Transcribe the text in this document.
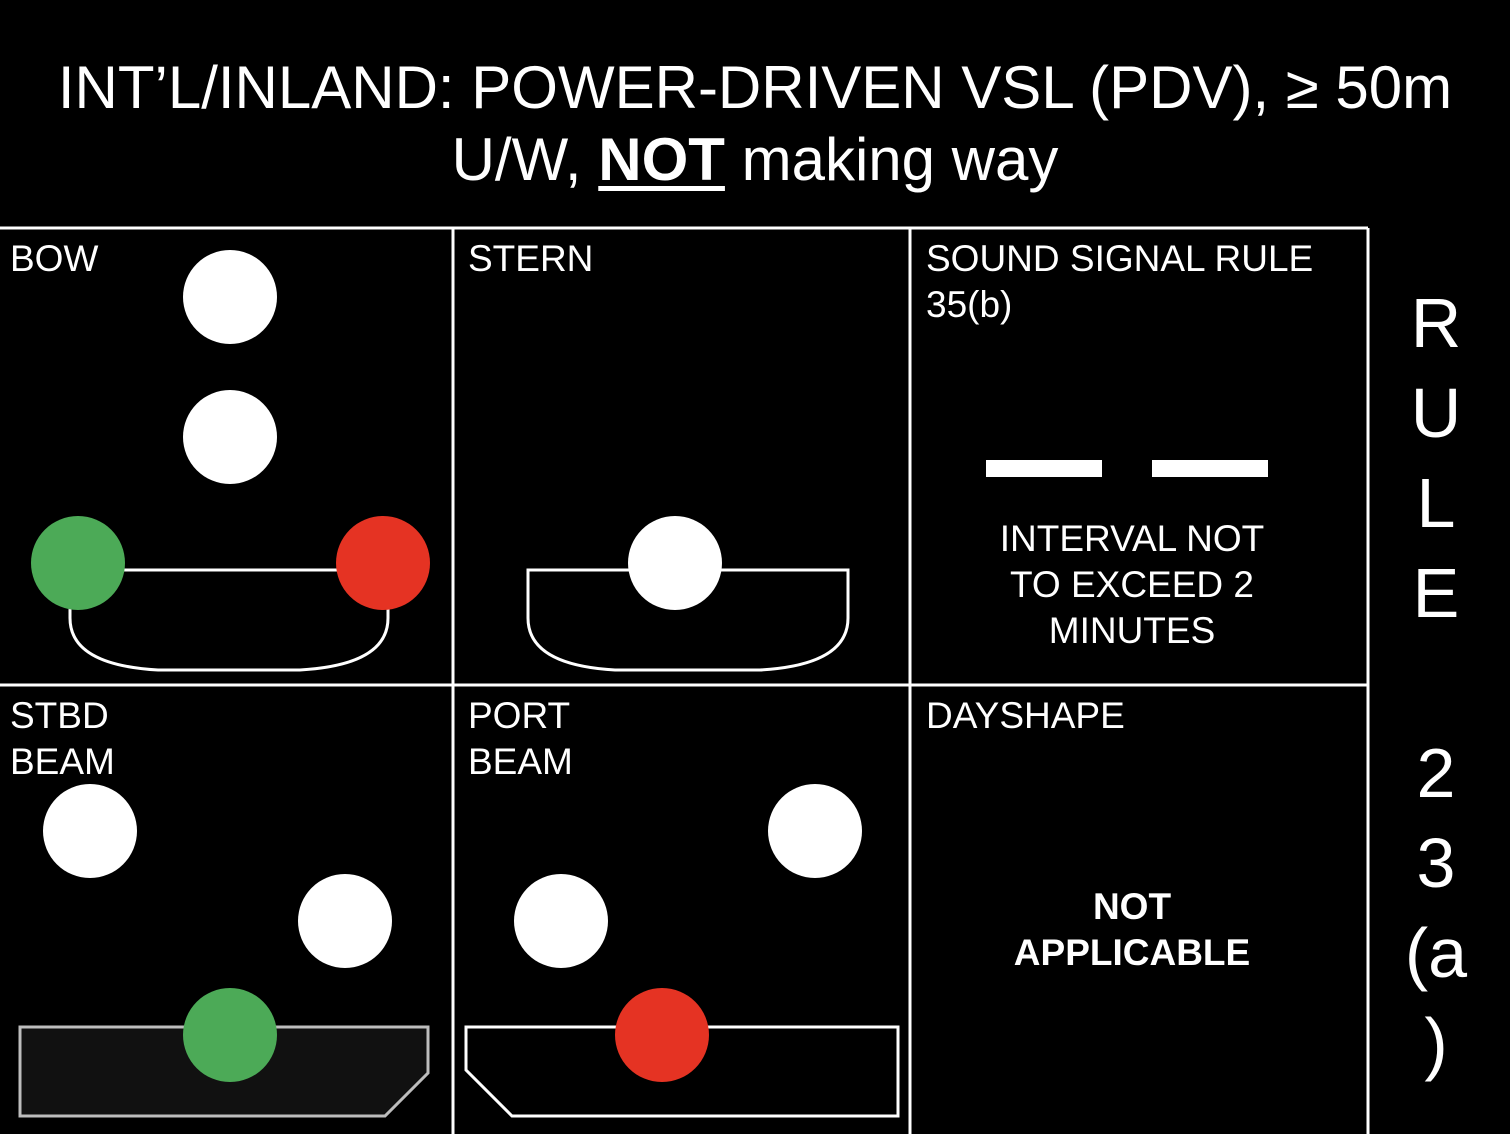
INT’L/INLAND: POWER-DRIVEN VSL (PDV), ≥ 50m
U/W, NOT making way
BOW	STERN	SOUND SIGNAL RULE
35(b)
INTERVAL NOT
TO EXCEED 2
MINUTES
STBD
BEAM
PORT
BEAM
DAYSHAPE
NOT
APPLICABLE
R
U
L
E
2
3
(a
)
